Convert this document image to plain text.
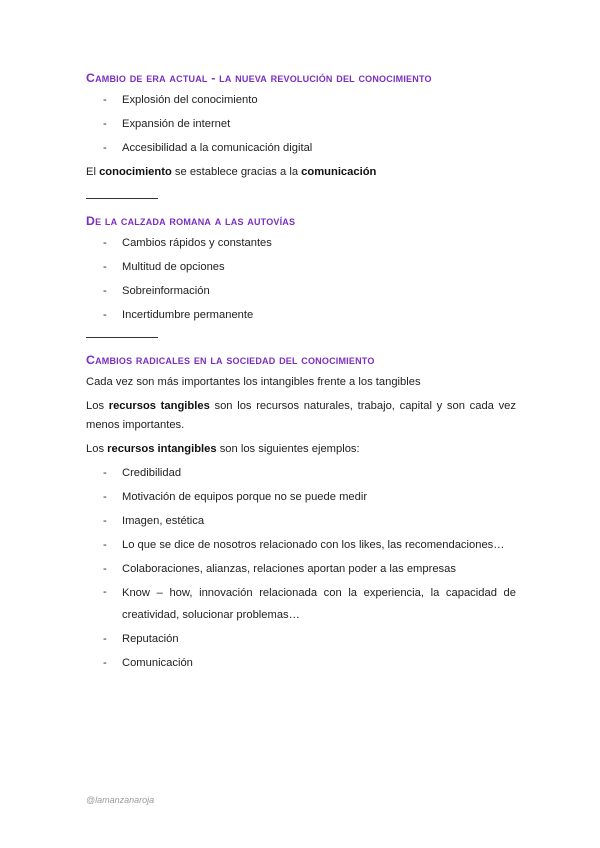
Cambio de era actual - la nueva revolución del conocimiento
- Explosión del conocimiento
- Expansión de internet
- Accesibilidad a la comunicación digital

El conocimiento se establece gracias a la comunicación

De la calzada romana a las autovías
- Cambios rápidos y constantes
- Multitud de opciones
- Sobreinformación
- Incertidumbre permanente
Cambios radicales en la sociedad del conocimiento

Cada vez son más importantes los intangibles frente a los tangibles

Los recursos tangibles son los recursos naturales, trabajo, capital y son cada vez menos importantes.

Los recursos intangibles son los siguientes ejemplos:

- Credibilidad
- Motivación de equipos porque no se puede medir
- Imagen, estética
- Lo que se dice de nosotros relacionado con los likes, las recomendaciones…
- Colaboraciones, alianzas, relaciones aportan poder a las empresas
- Know – how, innovación relacionada con la experiencia, la capacidad de creatividad, solucionar problemas…
- Reputación
- Comunicación
@lamanzanaroja
